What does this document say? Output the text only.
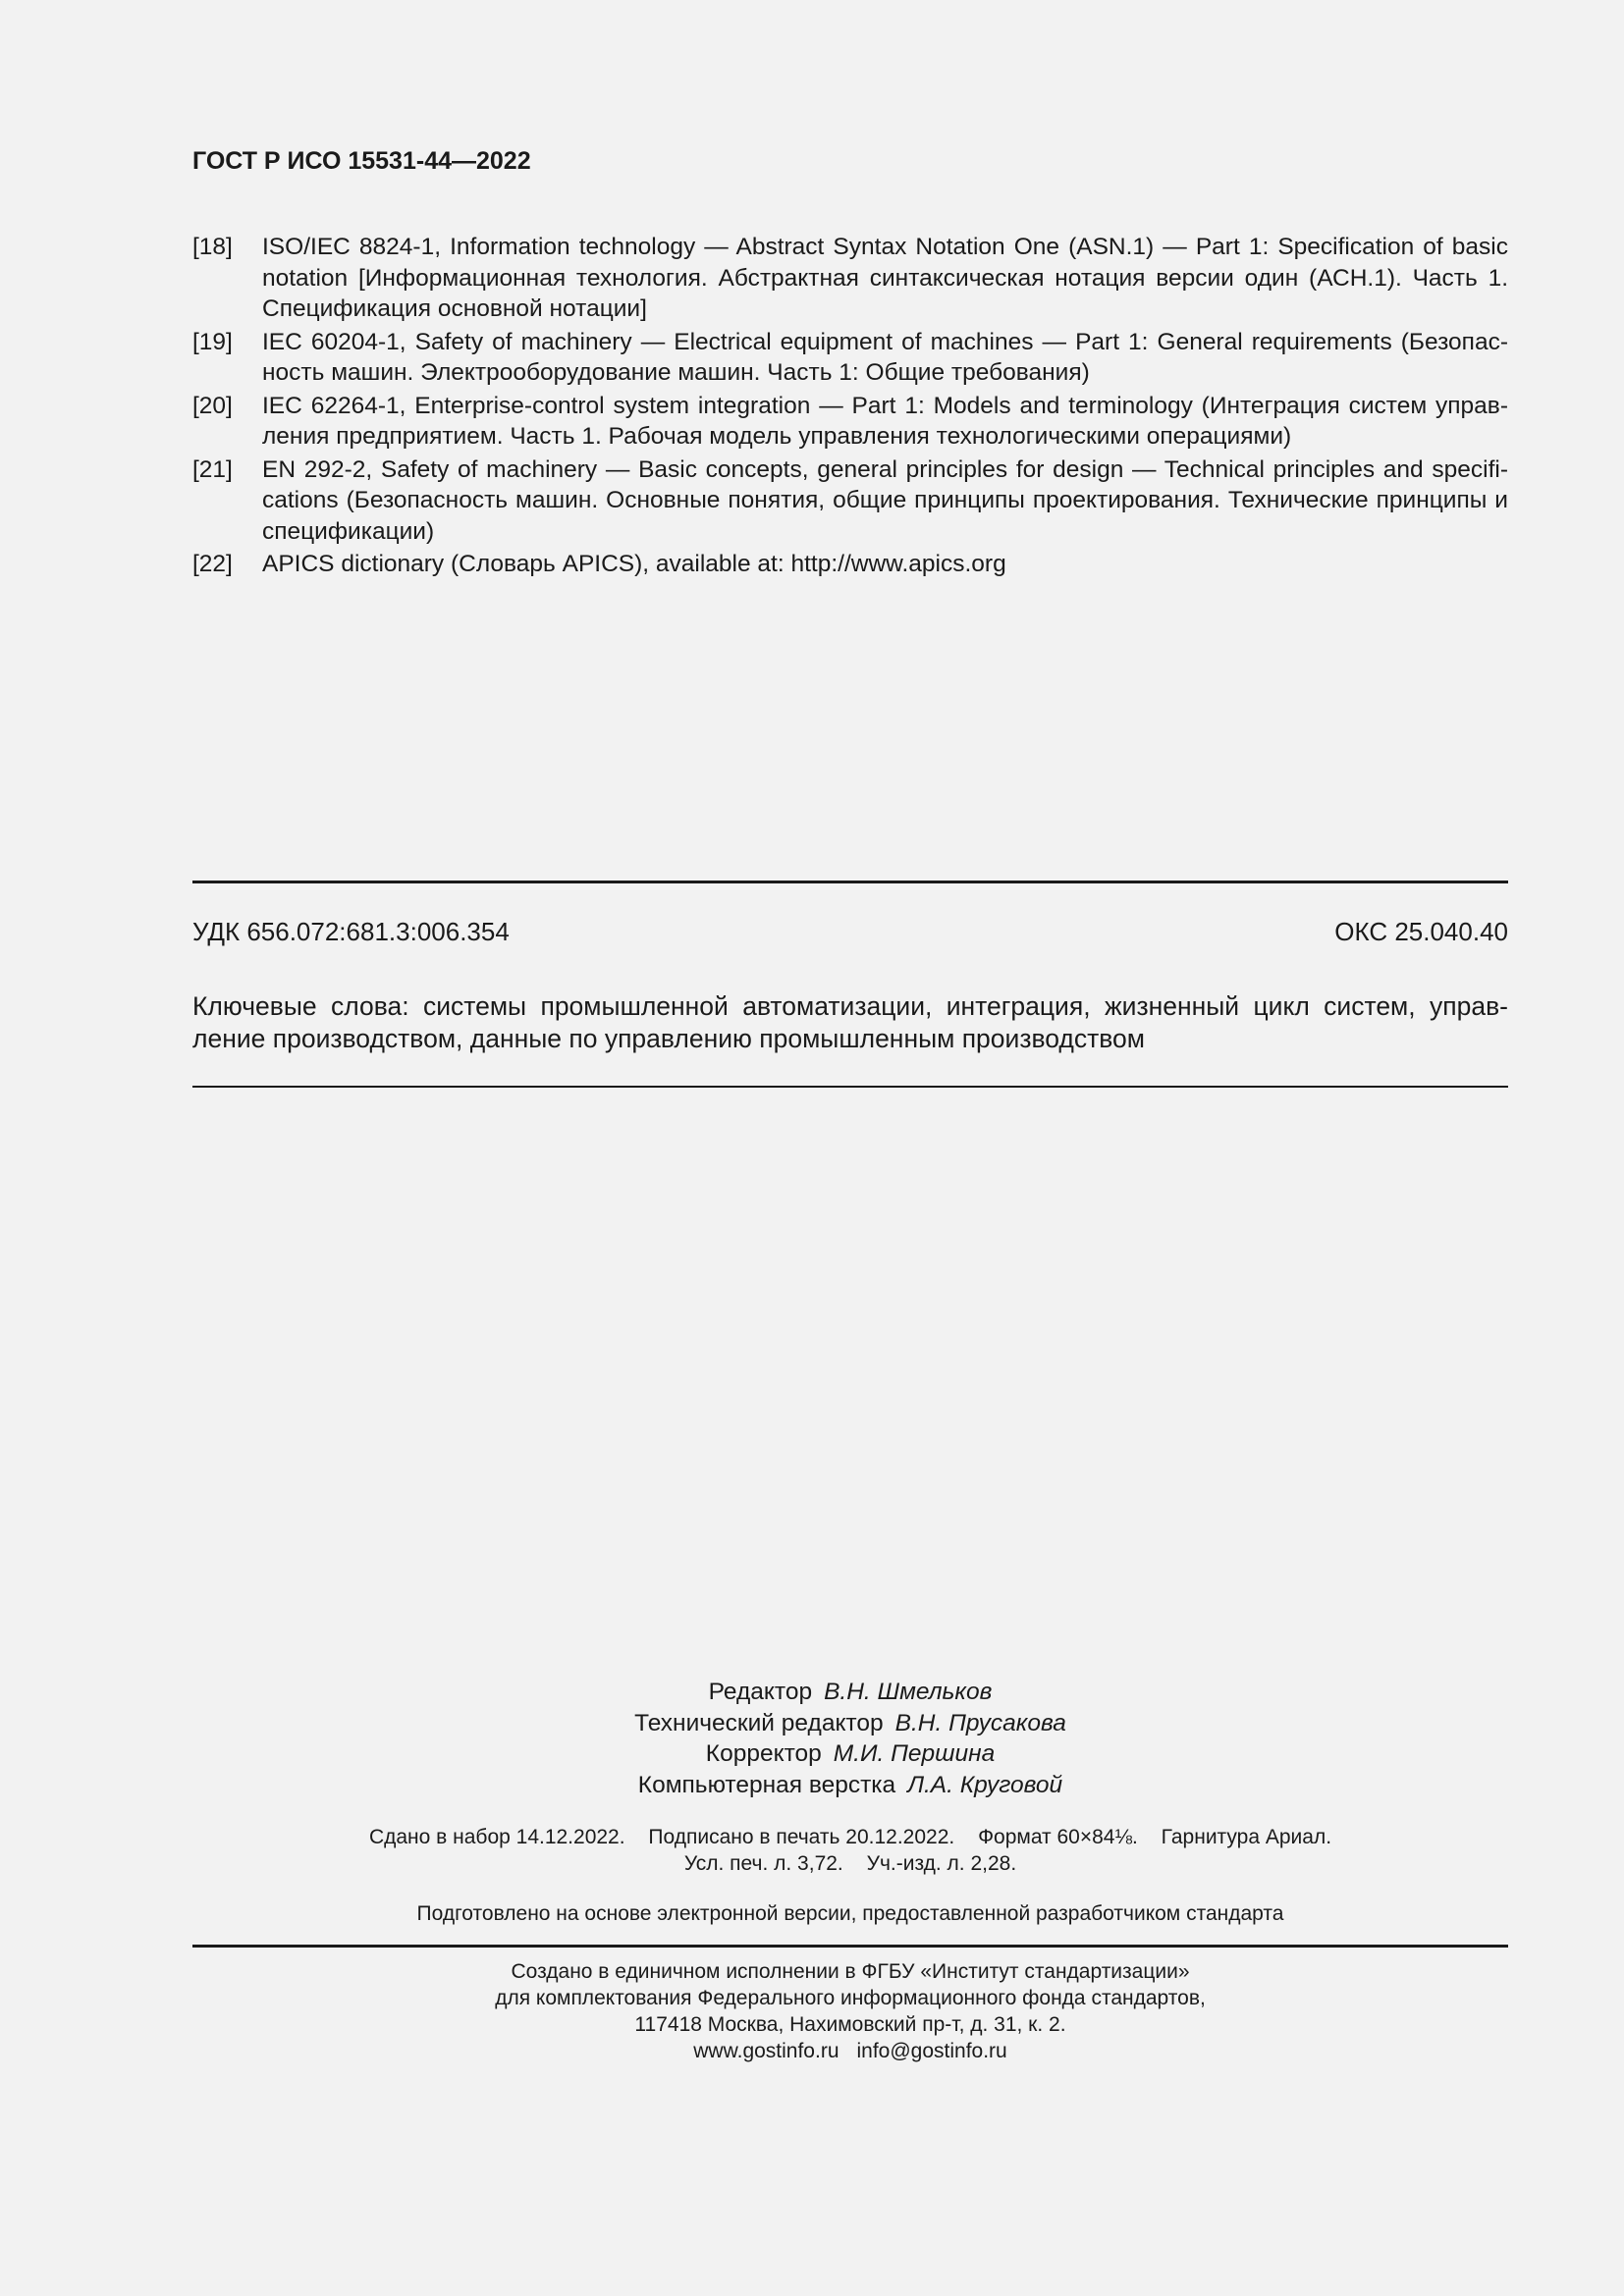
ГОСТ Р ИСО 15531-44—2022
[18] ISO/IEC 8824-1, Information technology — Abstract Syntax Notation One (ASN.1) — Part 1: Specification of basic notation [Информационная технология. Абстрактная синтаксическая нотация версии один (АСН.1). Часть 1. Спецификация основной нотации]
[19] IEC 60204-1, Safety of machinery — Electrical equipment of machines — Part 1: General requirements (Безопасность машин. Электрооборудование машин. Часть 1: Общие требования)
[20] IEC 62264-1, Enterprise-control system integration — Part 1: Models and terminology (Интеграция систем управления предприятием. Часть 1. Рабочая модель управления технологическими операциями)
[21] EN 292-2, Safety of machinery — Basic concepts, general principles for design — Technical principles and specifications (Безопасность машин. Основные понятия, общие принципы проектирования. Технические принципы и спецификации)
[22] APICS dictionary (Словарь APICS), available at: http://www.apics.org
УДК 656.072:681.3:006.354	ОКС 25.040.40
Ключевые слова: системы промышленной автоматизации, интеграция, жизненный цикл систем, управление производством, данные по управлению промышленным производством
Редактор В.Н. Шмельков
Технический редактор В.Н. Прусакова
Корректор М.И. Першина
Компьютерная верстка Л.А. Круговой
Сдано в набор 14.12.2022. Подписано в печать 20.12.2022. Формат 60×84⅛. Гарнитура Ариал.
Усл. печ. л. 3,72. Уч.-изд. л. 2,28.
Подготовлено на основе электронной версии, предоставленной разработчиком стандарта
Создано в единичном исполнении в ФГБУ «Институт стандартизации»
для комплектования Федерального информационного фонда стандартов,
117418 Москва, Нахимовский пр-т, д. 31, к. 2.
www.gostinfo.ru info@gostinfo.ru
